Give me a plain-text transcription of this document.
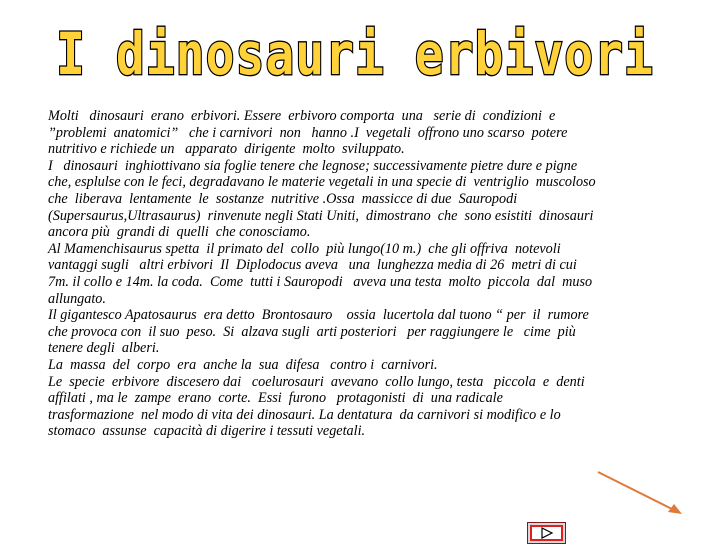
I dinosauri erbivori
Molti   dinosauri  erano  erbivori. Essere  erbivoro comporta  una   serie di  condizioni  e
”problemi  anatomici”   che i carnivori  non   hanno .I  vegetali  offrono uno scarso  potere
nutritivo e richiede un   apparato  dirigente  molto  sviluppato.
I   dinosauri  inghiottivano sia foglie tenere che legnose; successivamente pietre dure e pigne
che, esplulse con le feci, degradavano le materie vegetali in una specie di  ventriglio  muscoloso
che  liberava  lentamente  le  sostanze  nutritive .Ossa  massicce di due  Sauropodi
(Supersaurus,Ultrasaurus)  rinvenute negli Stati Uniti,  dimostrano  che  sono esistiti  dinosauri
ancora più  grandi di  quelli  che conosciamo.
Al Mamenchisaurus spetta  il primato del  collo  più lungo(10 m.)  che gli offriva  notevoli
vantaggi sugli   altri erbivori  Il  Diplodocus aveva   una  lunghezza media di 26  metri di cui
7m. il collo e 14m. la coda.  Come  tutti i Sauropodi   aveva una testa  molto  piccola  dal  muso
allungato.
Il gigantesco Apatosaurus  era detto  Brontosauro    ossia  lucertola dal tuono “ per  il  rumore
che provoca con  il suo  peso.  Si  alzava sugli  arti posteriori   per raggiungere le   cime  più
tenere degli  alberi.
La  massa  del  corpo  era  anche la  sua  difesa   contro i  carnivori.
Le  specie  erbivore  discesero dai   coelurosauri  avevano  collo lungo, testa   piccola  e  denti
affilati , ma le  zampe  erano  corte.  Essi  furono   protagonisti  di  una radicale
trasformazione  nel modo di vita dei dinosauri. La dentatura  da carnivori si modifico e lo
stomaco  assunse  capacità di digerire i tessuti vegetali.
